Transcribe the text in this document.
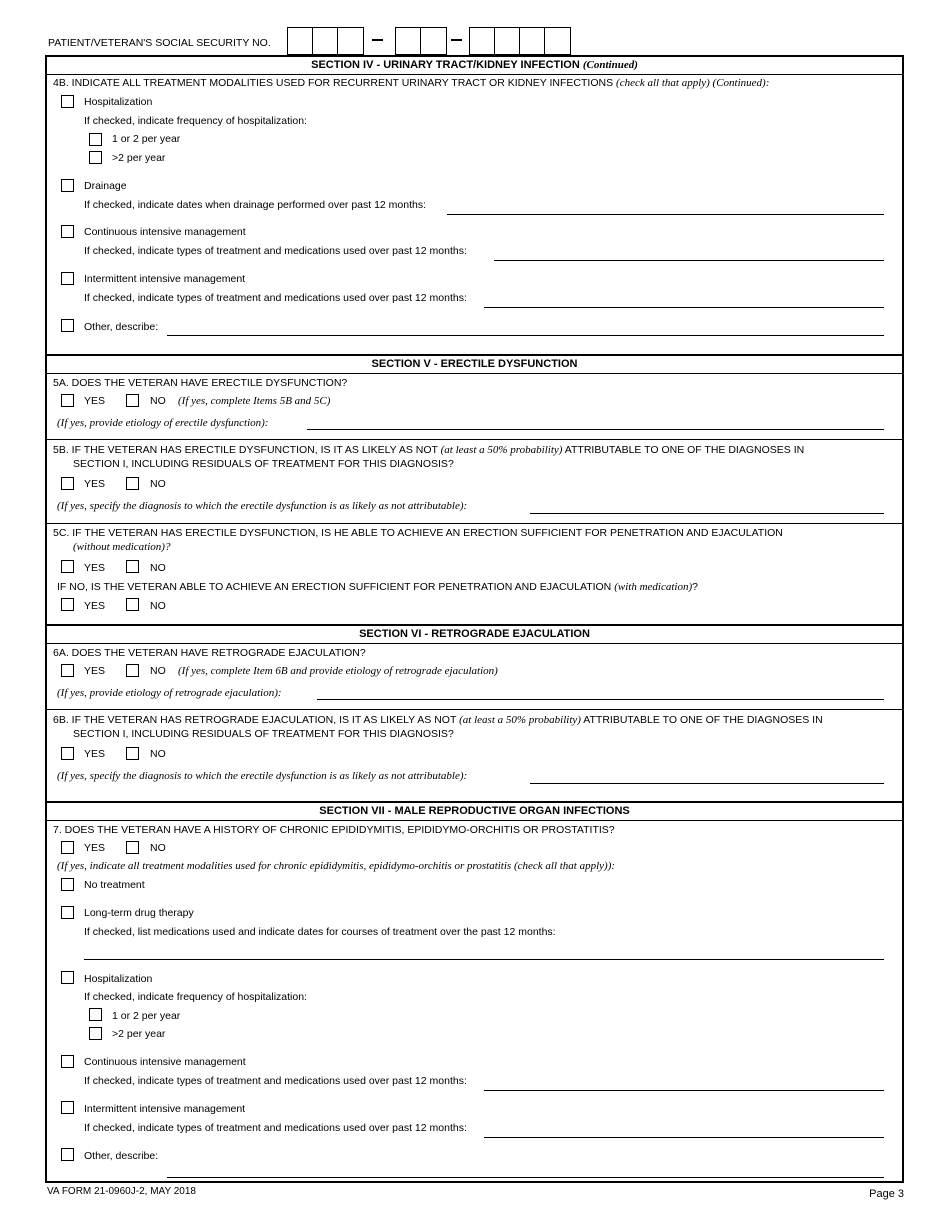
PATIENT/VETERAN'S SOCIAL SECURITY NO.
SECTION IV - URINARY TRACT/KIDNEY INFECTION (Continued)
4B. INDICATE ALL TREATMENT MODALITIES USED FOR RECURRENT URINARY TRACT OR KIDNEY INFECTIONS (check all that apply) (Continued):
Hospitalization
If checked, indicate frequency of hospitalization:
1 or 2 per year
>2 per year
Drainage
If checked, indicate dates when drainage performed over past 12 months:
Continuous intensive management
If checked, indicate types of treatment and medications used over past 12 months:
Intermittent intensive management
If checked, indicate types of treatment and medications used over past 12 months:
Other, describe:
SECTION V - ERECTILE DYSFUNCTION
5A. DOES THE VETERAN HAVE ERECTILE DYSFUNCTION?
YES	NO (If yes, complete Items 5B and 5C)
(If yes, provide etiology of erectile dysfunction):
5B. IF THE VETERAN HAS ERECTILE DYSFUNCTION, IS IT AS LIKELY AS NOT (at least a 50% probability) ATTRIBUTABLE TO ONE OF THE DIAGNOSES IN
SECTION I, INCLUDING RESIDUALS OF TREATMENT FOR THIS DIAGNOSIS?
YES	NO
(If yes, specify the diagnosis to which the erectile dysfunction is as likely as not attributable):
5C. IF THE VETERAN HAS ERECTILE DYSFUNCTION, IS HE ABLE TO ACHIEVE AN ERECTION SUFFICIENT FOR PENETRATION AND EJACULATION
(without medication)?
YES	NO
IF NO, IS THE VETERAN ABLE TO ACHIEVE AN ERECTION SUFFICIENT FOR PENETRATION AND EJACULATION (with medication)?
YES	NO
SECTION VI - RETROGRADE EJACULATION
6A. DOES THE VETERAN HAVE RETROGRADE EJACULATION?
YES	NO (If yes, complete Item 6B and provide etiology of retrograde ejaculation)
(If yes, provide etiology of retrograde ejaculation):
6B. IF THE VETERAN HAS RETROGRADE EJACULATION, IS IT AS LIKELY AS NOT (at least a 50% probability) ATTRIBUTABLE TO ONE OF THE DIAGNOSES IN
SECTION I, INCLUDING RESIDUALS OF TREATMENT FOR THIS DIAGNOSIS?
YES	NO
(If yes, specify the diagnosis to which the erectile dysfunction is as likely as not attributable):
SECTION VII - MALE REPRODUCTIVE ORGAN INFECTIONS
7. DOES THE VETERAN HAVE A HISTORY OF CHRONIC EPIDIDYMITIS, EPIDIDYMO-ORCHITIS OR PROSTATITIS?
YES	NO
(If yes, indicate all treatment modalities used for chronic epididymitis, epididymo-orchitis or prostatitis (check all that apply)):
No treatment
Long-term drug therapy
If checked, list medications used and indicate dates for courses of treatment over the past 12 months:
Hospitalization
If checked, indicate frequency of hospitalization:
1 or 2 per year
>2 per year
Continuous intensive management
If checked, indicate types of treatment and medications used over past 12 months:
Intermittent intensive management
If checked, indicate types of treatment and medications used over past 12 months:
Other, describe:
VA FORM 21-0960J-2, MAY 2018	Page 3
